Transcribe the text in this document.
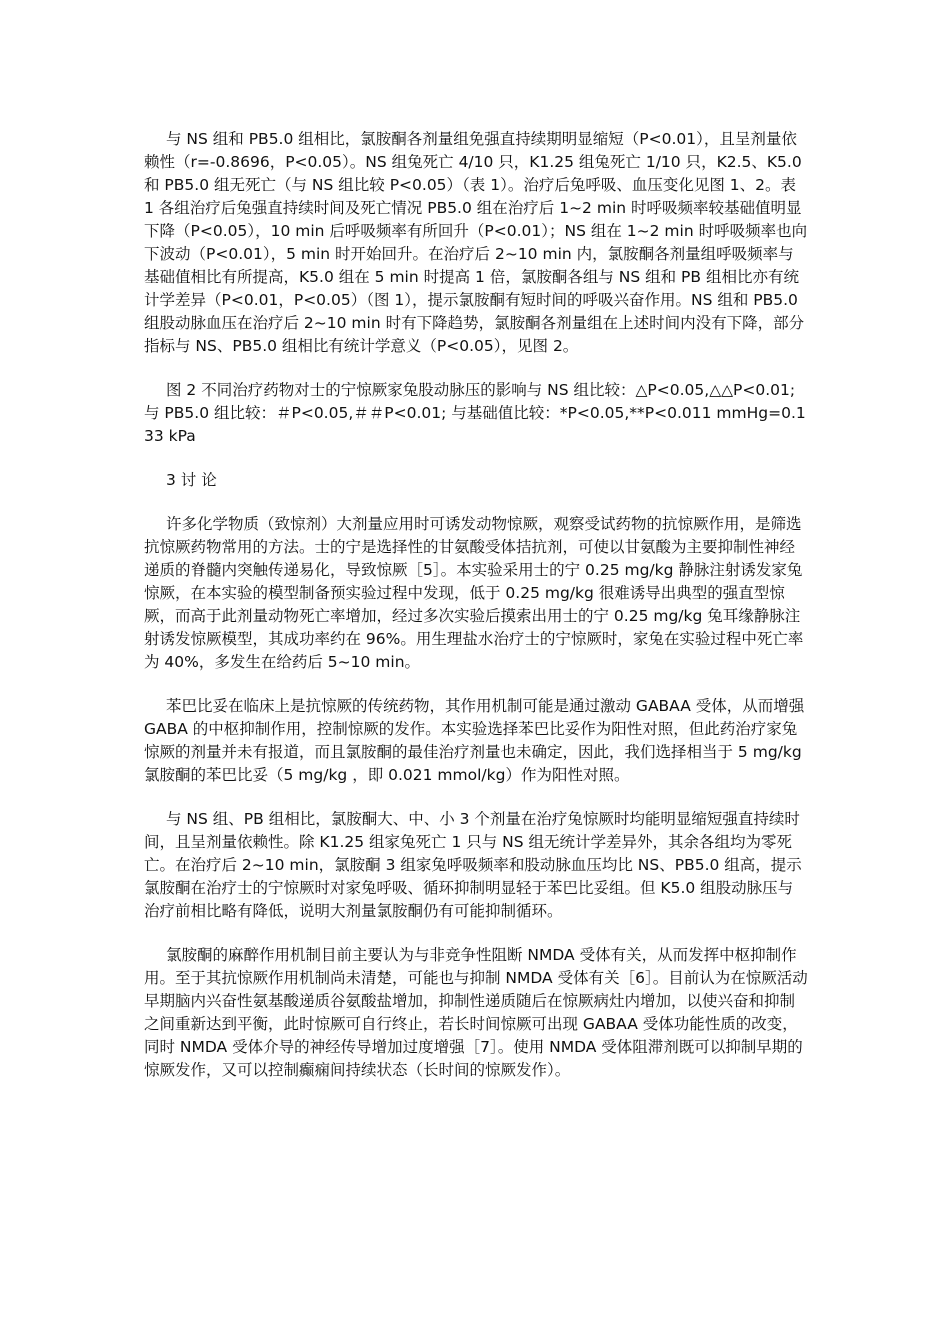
与 NS 组和 PB5.0 组相比，氯胺酮各剂量组免强直持续期明显缩短（P<0.01），且呈剂量依赖性（r=-0.8696，P<0.05）。NS 组兔死亡 4/10 只，K1.25 组兔死亡 1/10 只，K2.5、K5.0 和 PB5.0 组无死亡（与 NS 组比较 P<0.05）（表 1）。治疗后兔呼吸、血压变化见图 1、2。表 1 各组治疗后兔强直持续时间及死亡情况 PB5.0 组在治疗后 1~2 min 时呼吸频率较基础值明显下降（P<0.05），10 min 后呼吸频率有所回升（P<0.01）；NS 组在 1~2 min 时呼吸频率也向下波动（P<0.01），5 min 时开始回升。在治疗后 2~10 min 内，氯胺酮各剂量组呼吸频率与基础值相比有所提高，K5.0 组在 5 min 时提高 1 倍，氯胺酮各组与 NS 组和 PB 组相比亦有统计学差异（P<0.01，P<0.05）（图 1），提示氯胺酮有短时间的呼吸兴奋作用。NS 组和 PB5.0 组股动脉血压在治疗后 2~10 min 时有下降趋势，氯胺酮各剂量组在上述时间内没有下降，部分指标与 NS、PB5.0 组相比有统计学意义（P<0.05），见图 2。

图 2 不同治疗药物对士的宁惊厥家兔股动脉压的影响与 NS 组比较：△P<0.05,△△P<0.01; 与 PB5.0 组比较：＃P<0.05,＃＃P<0.01; 与基础值比较：*P<0.05,**P<0.011 mmHg=0.133 kPa

3 讨 论

许多化学物质（致惊剂）大剂量应用时可诱发动物惊厥，观察受试药物的抗惊厥作用，是筛选抗惊厥药物常用的方法。士的宁是选择性的甘氨酸受体拮抗剂，可使以甘氨酸为主要抑制性神经递质的脊髓内突触传递易化，导致惊厥［5］。本实验采用士的宁 0.25 mg/kg 静脉注射诱发家兔惊厥，在本实验的模型制备预实验过程中发现，低于 0.25 mg/kg 很难诱导出典型的强直型惊厥，而高于此剂量动物死亡率增加，经过多次实验后摸索出用士的宁 0.25 mg/kg 兔耳缘静脉注射诱发惊厥模型，其成功率约在 96%。用生理盐水治疗士的宁惊厥时，家兔在实验过程中死亡率为 40%，多发生在给药后 5~10 min。

苯巴比妥在临床上是抗惊厥的传统药物，其作用机制可能是通过激动 GABAA 受体，从而增强 GABA 的中枢抑制作用，控制惊厥的发作。本实验选择苯巴比妥作为阳性对照，但此药治疗家兔惊厥的剂量并未有报道，而且氯胺酮的最佳治疗剂量也未确定，因此，我们选择相当于 5 mg/kg 氯胺酮的苯巴比妥（5 mg/kg ，即 0.021 mmol/kg）作为阳性对照。

与 NS 组、PB 组相比，氯胺酮大、中、小 3 个剂量在治疗兔惊厥时均能明显缩短强直持续时间，且呈剂量依赖性。除 K1.25 组家兔死亡 1 只与 NS 组无统计学差异外，其余各组均为零死亡。在治疗后 2~10 min，氯胺酮 3 组家兔呼吸频率和股动脉血压均比 NS、PB5.0 组高，提示氯胺酮在治疗士的宁惊厥时对家兔呼吸、循环抑制明显轻于苯巴比妥组。但 K5.0 组股动脉压与治疗前相比略有降低，说明大剂量氯胺酮仍有可能抑制循环。

氯胺酮的麻醉作用机制目前主要认为与非竞争性阻断 NMDA 受体有关，从而发挥中枢抑制作用。至于其抗惊厥作用机制尚未清楚，可能也与抑制 NMDA 受体有关［6］。目前认为在惊厥活动早期脑内兴奋性氨基酸递质谷氨酸盐增加，抑制性递质随后在惊厥病灶内增加，以使兴奋和抑制之间重新达到平衡，此时惊厥可自行终止，若长时间惊厥可出现 GABAA 受体功能性质的改变，同时 NMDA 受体介导的神经传导增加过度增强［7］。使用 NMDA 受体阻滞剂既可以抑制早期的惊厥发作，又可以控制癫痫间持续状态（长时间的惊厥发作）。
